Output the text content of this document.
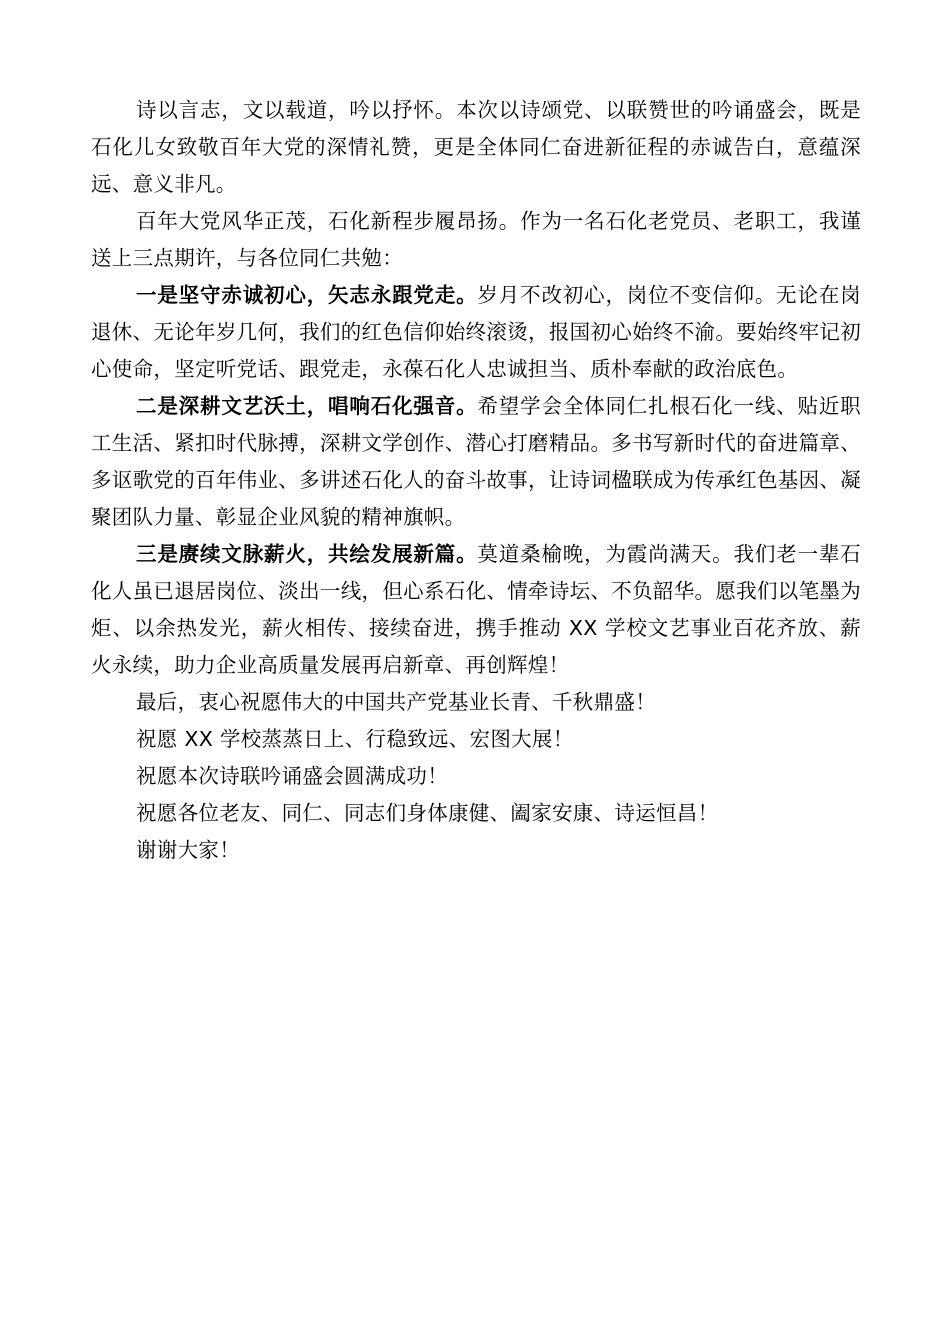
诗以言志，文以载道，吟以抒怀。本次以诗颂党、以联赞世的吟诵盛会，既是石化儿女致敬百年大党的深情礼赞，更是全体同仁奋进新征程的赤诚告白，意蕴深远、意义非凡。

百年大党风华正茂，石化新程步履昂扬。作为一名石化老党员、老职工，我谨送上三点期许，与各位同仁共勉：

一是坚守赤诚初心，矢志永跟党走。岁月不改初心，岗位不变信仰。无论在岗退休、无论年岁几何，我们的红色信仰始终滚烫，报国初心始终不渝。要始终牢记初心使命，坚定听党话、跟党走，永葆石化人忠诚担当、质朴奉献的政治底色。

二是深耕文艺沃土，唱响石化强音。希望学会全体同仁扎根石化一线、贴近职工生活、紧扣时代脉搏，深耕文学创作、潜心打磨精品。多书写新时代的奋进篇章、多讴歌党的百年伟业、多讲述石化人的奋斗故事，让诗词楹联成为传承红色基因、凝聚团队力量、彰显企业风貌的精神旗帜。

三是赓续文脉薪火，共绘发展新篇。莫道桑榆晚，为霞尚满天。我们老一辈石化人虽已退居岗位、淡出一线，但心系石化、情牵诗坛、不负韶华。愿我们以笔墨为炬、以余热发光，薪火相传、接续奋进，携手推动 XX 学校文艺事业百花齐放、薪火永续，助力企业高质量发展再启新章、再创辉煌！

最后，衷心祝愿伟大的中国共产党基业长青、千秋鼎盛！

祝愿 XX 学校蒸蒸日上、行稳致远、宏图大展！

祝愿本次诗联吟诵盛会圆满成功！

祝愿各位老友、同仁、同志们身体康健、阖家安康、诗运恒昌！

谢谢大家！
